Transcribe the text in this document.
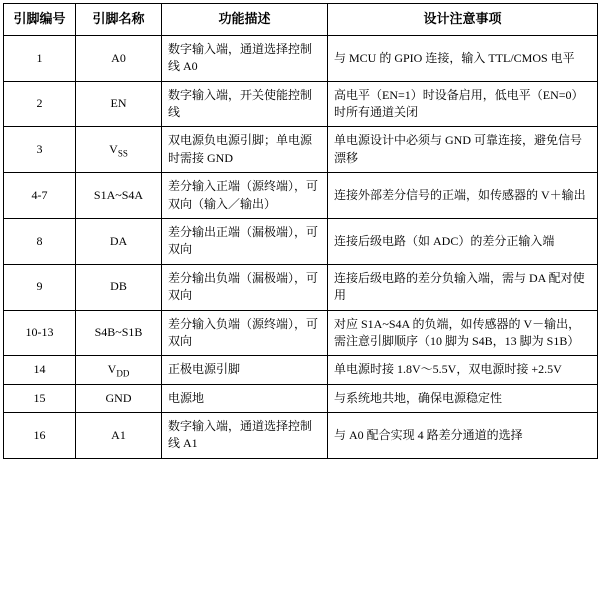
引脚编号	引脚名称	功能描述	设计注意事项
1	A0	数字输入端，通道选择控制线 A0	与 MCU 的 GPIO 连接，输入 TTL/CMOS 电平
2	EN	数字输入端，开关使能控制线	高电平（EN=1）时设备启用，低电平（EN=0）时所有通道关闭
3	$V_{SS}$	双电源负电源引脚；单电源时需接 GND	单电源设计中必须与 GND 可靠连接，避免信号漂移
4-7	S1A~S4A	差分输入正端（源终端），可双向（输入／输出）	连接外部差分信号的正端，如传感器的 V＋输出
8	DA	差分输出正端（漏极端），可双向	连接后级电路（如 ADC）的差分正输入端
9	DB	差分输出负端（漏极端），可双向	连接后级电路的差分负输入端，需与 DA 配对使用
10-13	S4B~S1B	差分输入负端（源终端），可双向	对应 S1A~S4A 的负端，如传感器的 V－输出，需注意引脚顺序（10 脚为 S4B，13 脚为 S1B）
14	$V_{DD}$	正极电源引脚	单电源时接 1.8V～5.5V，双电源时接 +2.5V
15	GND	电源地	与系统地共地，确保电源稳定性
16	A1	数字输入端，通道选择控制线 A1	与 A0 配合实现 4 路差分通道的选择
